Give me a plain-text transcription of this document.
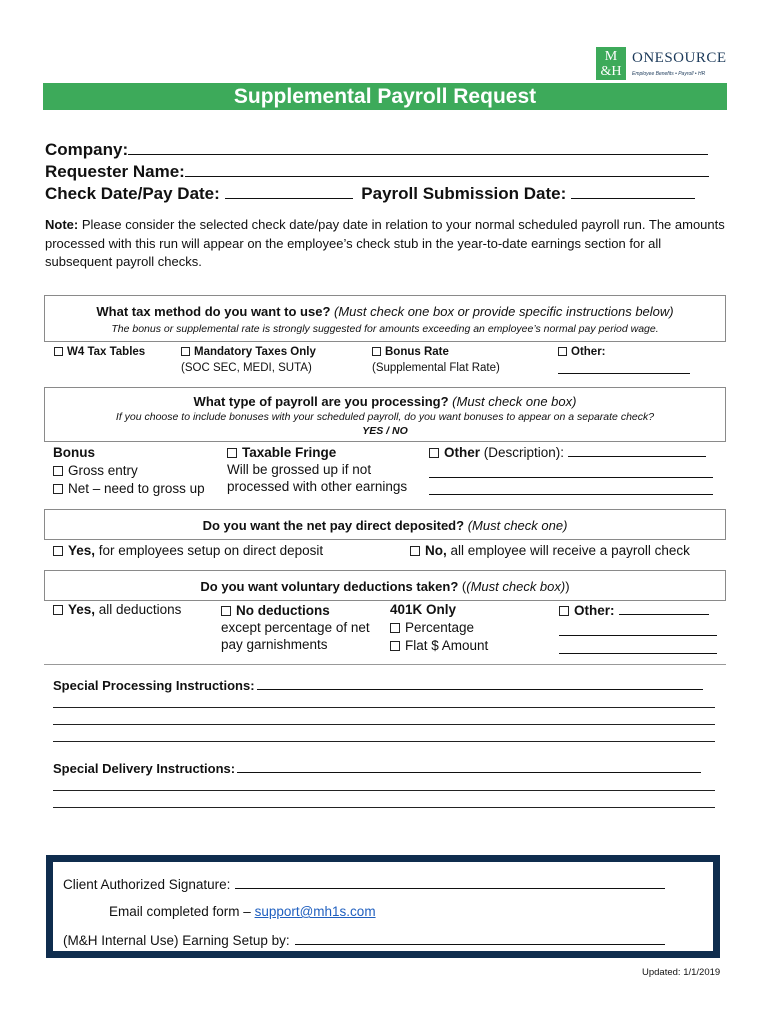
M
&H
ONESOURCE
Employee Benefits • Payroll • HR
Supplemental Payroll Request
Company:
Requester Name:
Check Date/Pay Date:	Payroll Submission Date:
Note: Please consider the selected check date/pay date in relation to your normal scheduled payroll run. The amounts processed with this run will appear on the employee’s check stub in the year-to-date earnings section for all subsequent payroll checks.
What tax method do you want to use? (Must check one box or provide specific instructions below)
The bonus or supplemental rate is strongly suggested for amounts exceeding an employee’s normal pay period wage.
W4 Tax Tables	Mandatory Taxes Only
(SOC SEC, MEDI, SUTA)
Bonus Rate
(Supplemental Flat Rate)
Other:
What type of payroll are you processing? (Must check one box)
If you choose to include bonuses with your scheduled payroll, do you want bonuses to appear on a separate check?
YES / NO
Bonus
Gross entry
Net – need to gross up
Taxable Fringe
Will be grossed up if not
processed with other earnings
Other (Description):
Do you want the net pay direct deposited? (Must check one)
Yes, for employees setup on direct deposit	No, all employee will receive a payroll check
Do you want voluntary deductions taken? ((Must check box))
Yes, all deductions	No deductions
except percentage of net
pay garnishments
401K Only
Percentage
Flat $ Amount
Other:
Special Processing Instructions:
Special Delivery Instructions:
Client Authorized Signature:
Email completed form – support@mh1s.com
(M&H Internal Use) Earning Setup by:
Updated: 1/1/2019
